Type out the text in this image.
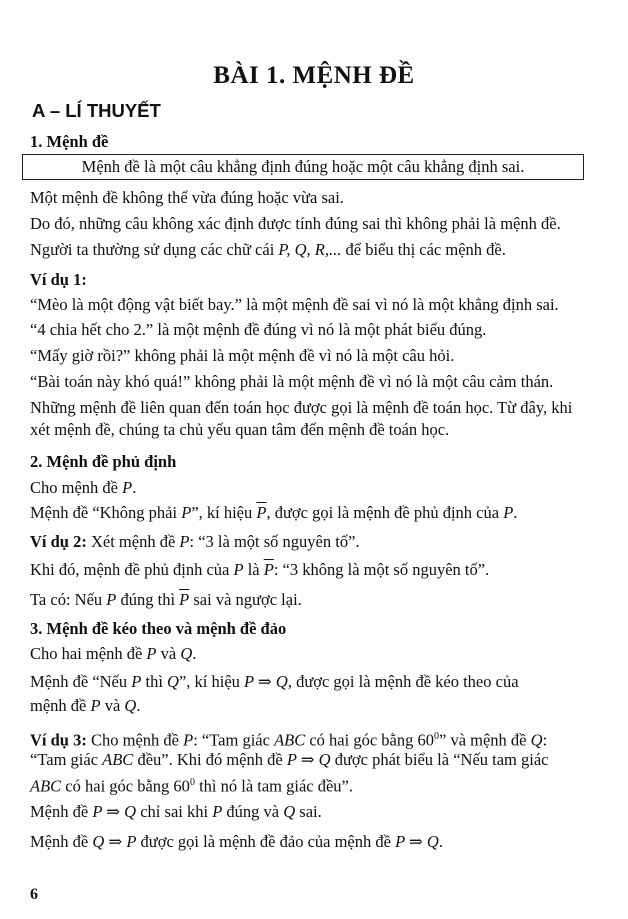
BÀI 1. MỆNH ĐỀ
A – LÍ THUYẾT
1. Mệnh đề
Mệnh đề là một câu khẳng định đúng hoặc một câu khẳng định sai.
Một mệnh đề không thể vừa đúng hoặc vừa sai.
Do đó, những câu không xác định được tính đúng sai thì không phải là mệnh đề.
Người ta thường sử dụng các chữ cái P, Q, R,... để biểu thị các mệnh đề.
Ví dụ 1:
“Mèo là một động vật biết bay.” là một mệnh đề sai vì nó là một khẳng định sai.
“4 chia hết cho 2.” là một mệnh đề đúng vì nó là một phát biểu đúng.
“Mấy giờ rồi?” không phải là một mệnh đề vì nó là một câu hỏi.
“Bài toán này khó quá!” không phải là một mệnh đề vì nó là một câu cảm thán.
Những mệnh đề liên quan đến toán học được gọi là mệnh đề toán học. Từ đây, khi
xét mệnh đề, chúng ta chủ yếu quan tâm đến mệnh đề toán học.
2. Mệnh đề phủ định
Cho mệnh đề P.
Mệnh đề “Không phải P”, kí hiệu $\overline{P}$, được gọi là mệnh đề phủ định của P.
Ví dụ 2: Xét mệnh đề P: “3 là một số nguyên tố”.
Khi đó, mệnh đề phủ định của P là $\overline{P}$: “3 không là một số nguyên tố”.
Ta có: Nếu P đúng thì $\overline{P}$ sai và ngược lại.
3. Mệnh đề kéo theo và mệnh đề đảo
Cho hai mệnh đề P và Q.
Mệnh đề “Nếu P thì Q”, kí hiệu P ⇒ Q, được gọi là mệnh đề kéo theo của
mệnh đề P và Q.
Ví dụ 3: Cho mệnh đề P: “Tam giác ABC có hai góc bằng $60^0$” và mệnh đề Q:
“Tam giác ABC đều”. Khi đó mệnh đề P ⇒ Q được phát biểu là “Nếu tam giác
ABC có hai góc bằng $60^0$ thì nó là tam giác đều”.
Mệnh đề P ⇒ Q chỉ sai khi P đúng và Q sai.
Mệnh đề Q ⇒ P được gọi là mệnh đề đảo của mệnh đề P ⇒ Q.
6
